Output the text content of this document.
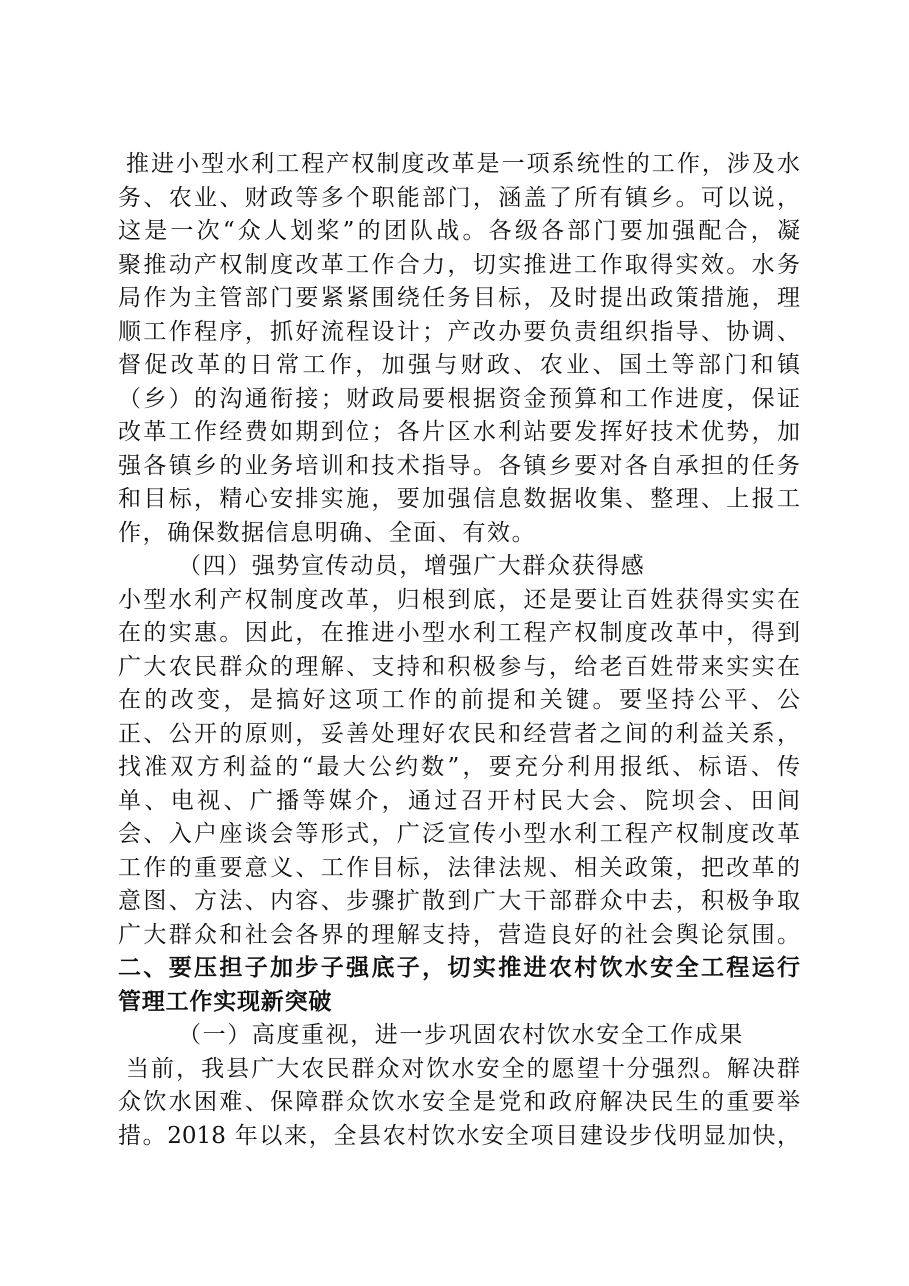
推进小型水利工程产权制度改革是一项系统性的工作，涉及水
务、农业、财政等多个职能部门，涵盖了所有镇乡。可以说，
这是一次“众人划桨”的团队战。各级各部门要加强配合，凝
聚推动产权制度改革工作合力，切实推进工作取得实效。水务
局作为主管部门要紧紧围绕任务目标，及时提出政策措施，理
顺工作程序，抓好流程设计；产改办要负责组织指导、协调、
督促改革的日常工作，加强与财政、农业、国土等部门和镇
（乡）的沟通衔接；财政局要根据资金预算和工作进度，保证
改革工作经费如期到位；各片区水利站要发挥好技术优势，加
强各镇乡的业务培训和技术指导。各镇乡要对各自承担的任务
和目标，精心安排实施，要加强信息数据收集、整理、上报工
作，确保数据信息明确、全面、有效。
（四）强势宣传动员，增强广大群众获得感
小型水利产权制度改革，归根到底，还是要让百姓获得实实在
在的实惠。因此，在推进小型水利工程产权制度改革中，得到
广大农民群众的理解、支持和积极参与，给老百姓带来实实在
在的改变，是搞好这项工作的前提和关键。要坚持公平、公
正、公开的原则，妥善处理好农民和经营者之间的利益关系，
找准双方利益的“最大公约数”，要充分利用报纸、标语、传
单、电视、广播等媒介，通过召开村民大会、院坝会、田间
会、入户座谈会等形式，广泛宣传小型水利工程产权制度改革
工作的重要意义、工作目标，法律法规、相关政策，把改革的
意图、方法、内容、步骤扩散到广大干部群众中去，积极争取
广大群众和社会各界的理解支持，营造良好的社会舆论氛围。
二、要压担子加步子强底子，切实推进农村饮水安全工程运行
管理工作实现新突破
（一）高度重视，进一步巩固农村饮水安全工作成果
当前，我县广大农民群众对饮水安全的愿望十分强烈。解决群
众饮水困难、保障群众饮水安全是党和政府解决民生的重要举
措。2018 年以来，全县农村饮水安全项目建设步伐明显加快，
